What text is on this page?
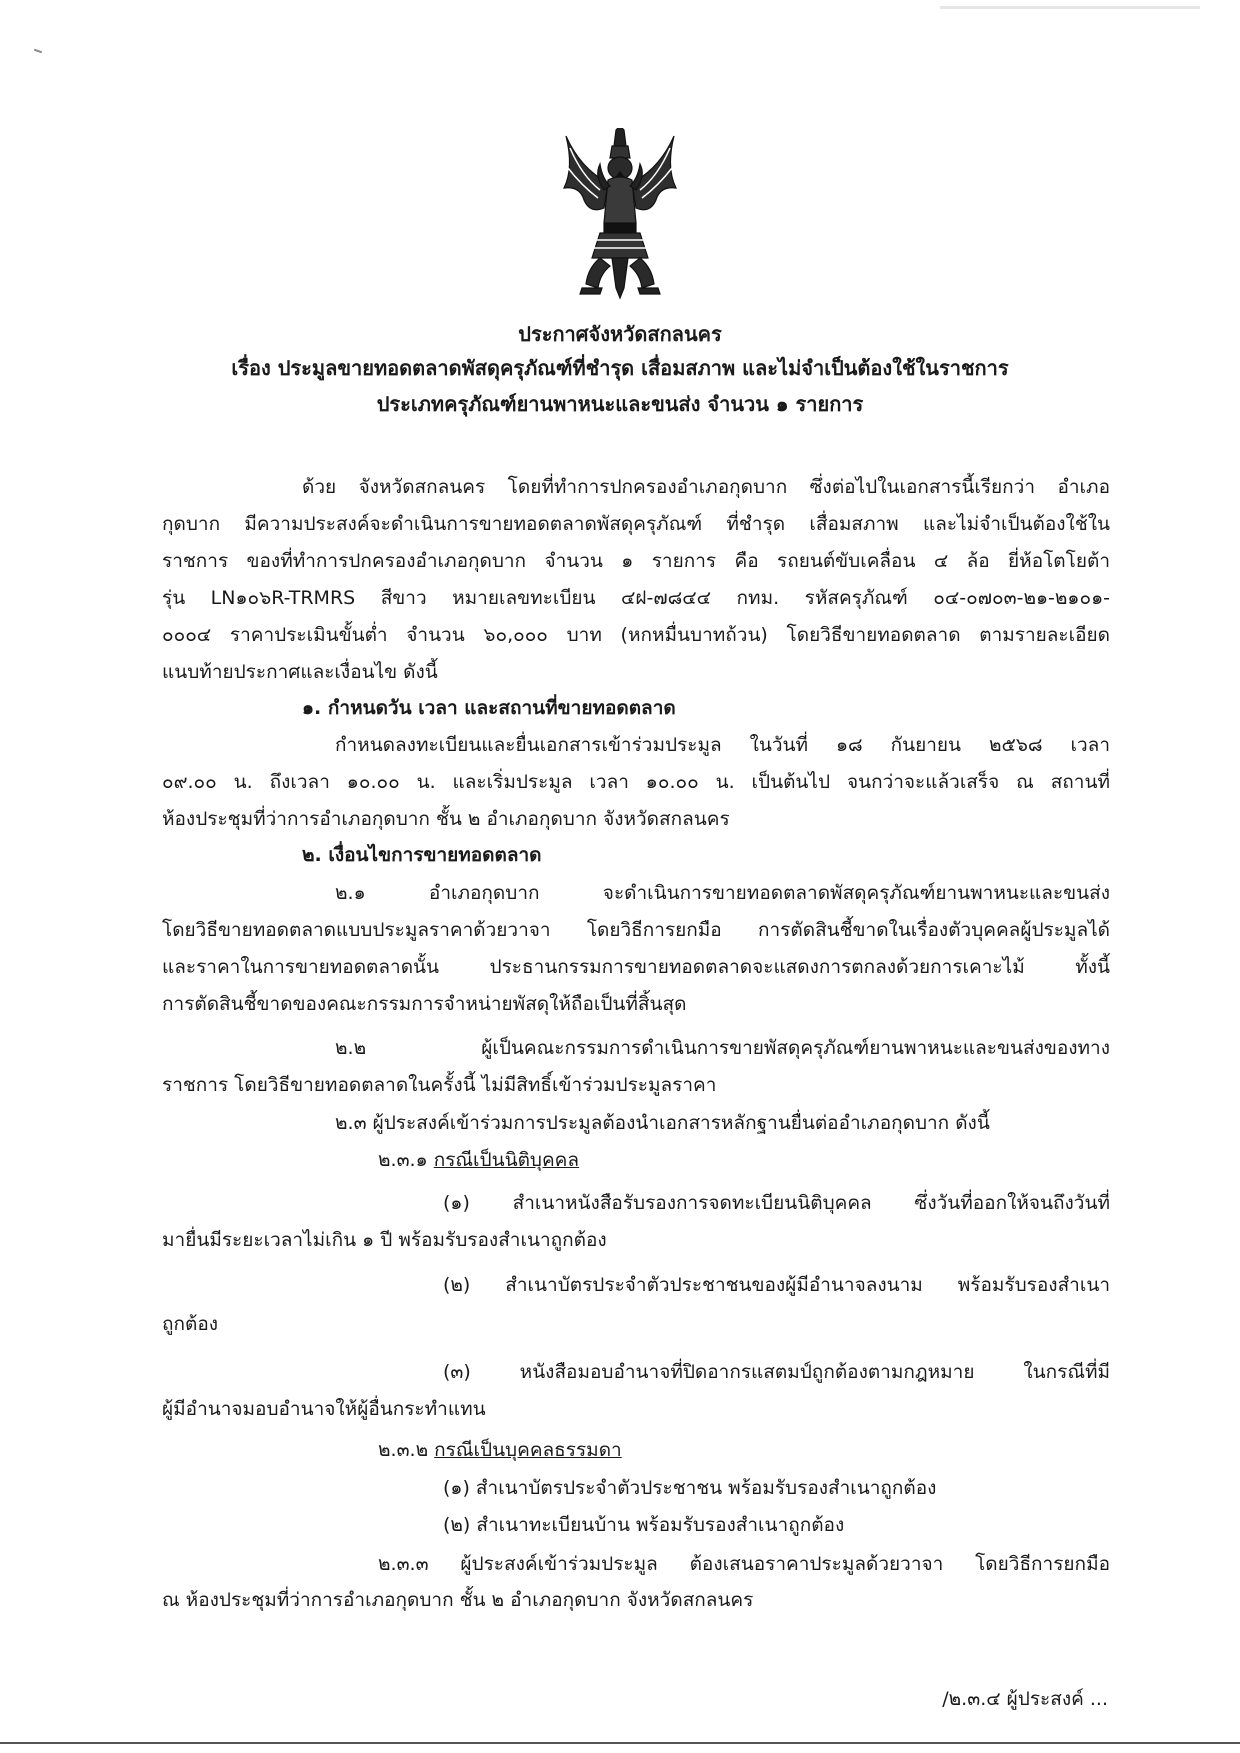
ประกาศจังหวัดสกลนคร
เรื่อง ประมูลขายทอดตลาดพัสดุครุภัณฑ์ที่ชำรุด เสื่อมสภาพ และไม่จำเป็นต้องใช้ในราชการ
ประเภทครุภัณฑ์ยานพาหนะและขนส่ง จำนวน ๑ รายการ
ด้วย จังหวัดสกลนคร โดยที่ทำการปกครองอำเภอกุดบาก ซึ่งต่อไปในเอกสารนี้เรียกว่า อำเภอ
กุดบาก มีความประสงค์จะดำเนินการขายทอดตลาดพัสดุครุภัณฑ์ ที่ชำรุด เสื่อมสภาพ และไม่จำเป็นต้องใช้ใน
ราชการ ของที่ทำการปกครองอำเภอกุดบาก จำนวน ๑ รายการ คือ รถยนต์ขับเคลื่อน ๔ ล้อ ยี่ห้อโตโยต้า
รุ่น LN๑๐๖R-TRMRS สีขาว หมายเลขทะเบียน ๔ฝ-๗๘๔๔ กทม. รหัสครุภัณฑ์ ๐๔-๐๗๐๓-๒๑-๒๑๐๑-
๐๐๐๔ ราคาประเมินขั้นต่ำ จำนวน ๖๐,๐๐๐ บาท (หกหมื่นบาทถ้วน) โดยวิธีขายทอดตลาด ตามรายละเอียด
แนบท้ายประกาศและเงื่อนไข ดังนี้
๑. กำหนดวัน เวลา และสถานที่ขายทอดตลาด
กำหนดลงทะเบียนและยื่นเอกสารเข้าร่วมประมูล ในวันที่ ๑๘ กันยายน ๒๕๖๘ เวลา
๐๙.๐๐ น. ถึงเวลา ๑๐.๐๐ น. และเริ่มประมูล เวลา ๑๐.๐๐ น. เป็นต้นไป จนกว่าจะแล้วเสร็จ ณ สถานที่
ห้องประชุมที่ว่าการอำเภอกุดบาก ชั้น ๒ อำเภอกุดบาก จังหวัดสกลนคร
๒. เงื่อนไขการขายทอดตลาด
๒.๑ อำเภอกุดบาก จะดำเนินการขายทอดตลาดพัสดุครุภัณฑ์ยานพาหนะและขนส่ง
โดยวิธีขายทอดตลาดแบบประมูลราคาด้วยวาจา โดยวิธีการยกมือ การตัดสินชี้ขาดในเรื่องตัวบุคคลผู้ประมูลได้
และราคาในการขายทอดตลาดนั้น ประธานกรรมการขายทอดตลาดจะแสดงการตกลงด้วยการเคาะไม้ ทั้งนี้
การตัดสินชี้ขาดของคณะกรรมการจำหน่ายพัสดุให้ถือเป็นที่สิ้นสุด
๒.๒ ผู้เป็นคณะกรรมการดำเนินการขายพัสดุครุภัณฑ์ยานพาหนะและขนส่งของทาง
ราชการ โดยวิธีขายทอดตลาดในครั้งนี้ ไม่มีสิทธิ์เข้าร่วมประมูลราคา
๒.๓ ผู้ประสงค์เข้าร่วมการประมูลต้องนำเอกสารหลักฐานยื่นต่ออำเภอกุดบาก ดังนี้
๒.๓.๑ กรณีเป็นนิติบุคคล
(๑) สำเนาหนังสือรับรองการจดทะเบียนนิติบุคคล ซึ่งวันที่ออกให้จนถึงวันที่
มายื่นมีระยะเวลาไม่เกิน ๑ ปี พร้อมรับรองสำเนาถูกต้อง
(๒) สำเนาบัตรประจำตัวประชาชนของผู้มีอำนาจลงนาม พร้อมรับรองสำเนา
ถูกต้อง
(๓) หนังสือมอบอำนาจที่ปิดอากรแสตมป์ถูกต้องตามกฎหมาย ในกรณีที่มี
ผู้มีอำนาจมอบอำนาจให้ผู้อื่นกระทำแทน
๒.๓.๒ กรณีเป็นบุคคลธรรมดา
(๑) สำเนาบัตรประจำตัวประชาชน พร้อมรับรองสำเนาถูกต้อง
(๒) สำเนาทะเบียนบ้าน พร้อมรับรองสำเนาถูกต้อง
๒.๓.๓ ผู้ประสงค์เข้าร่วมประมูล ต้องเสนอราคาประมูลด้วยวาจา โดยวิธีการยกมือ
ณ ห้องประชุมที่ว่าการอำเภอกุดบาก ชั้น ๒ อำเภอกุดบาก จังหวัดสกลนคร
/๒.๓.๔ ผู้ประสงค์ ...
